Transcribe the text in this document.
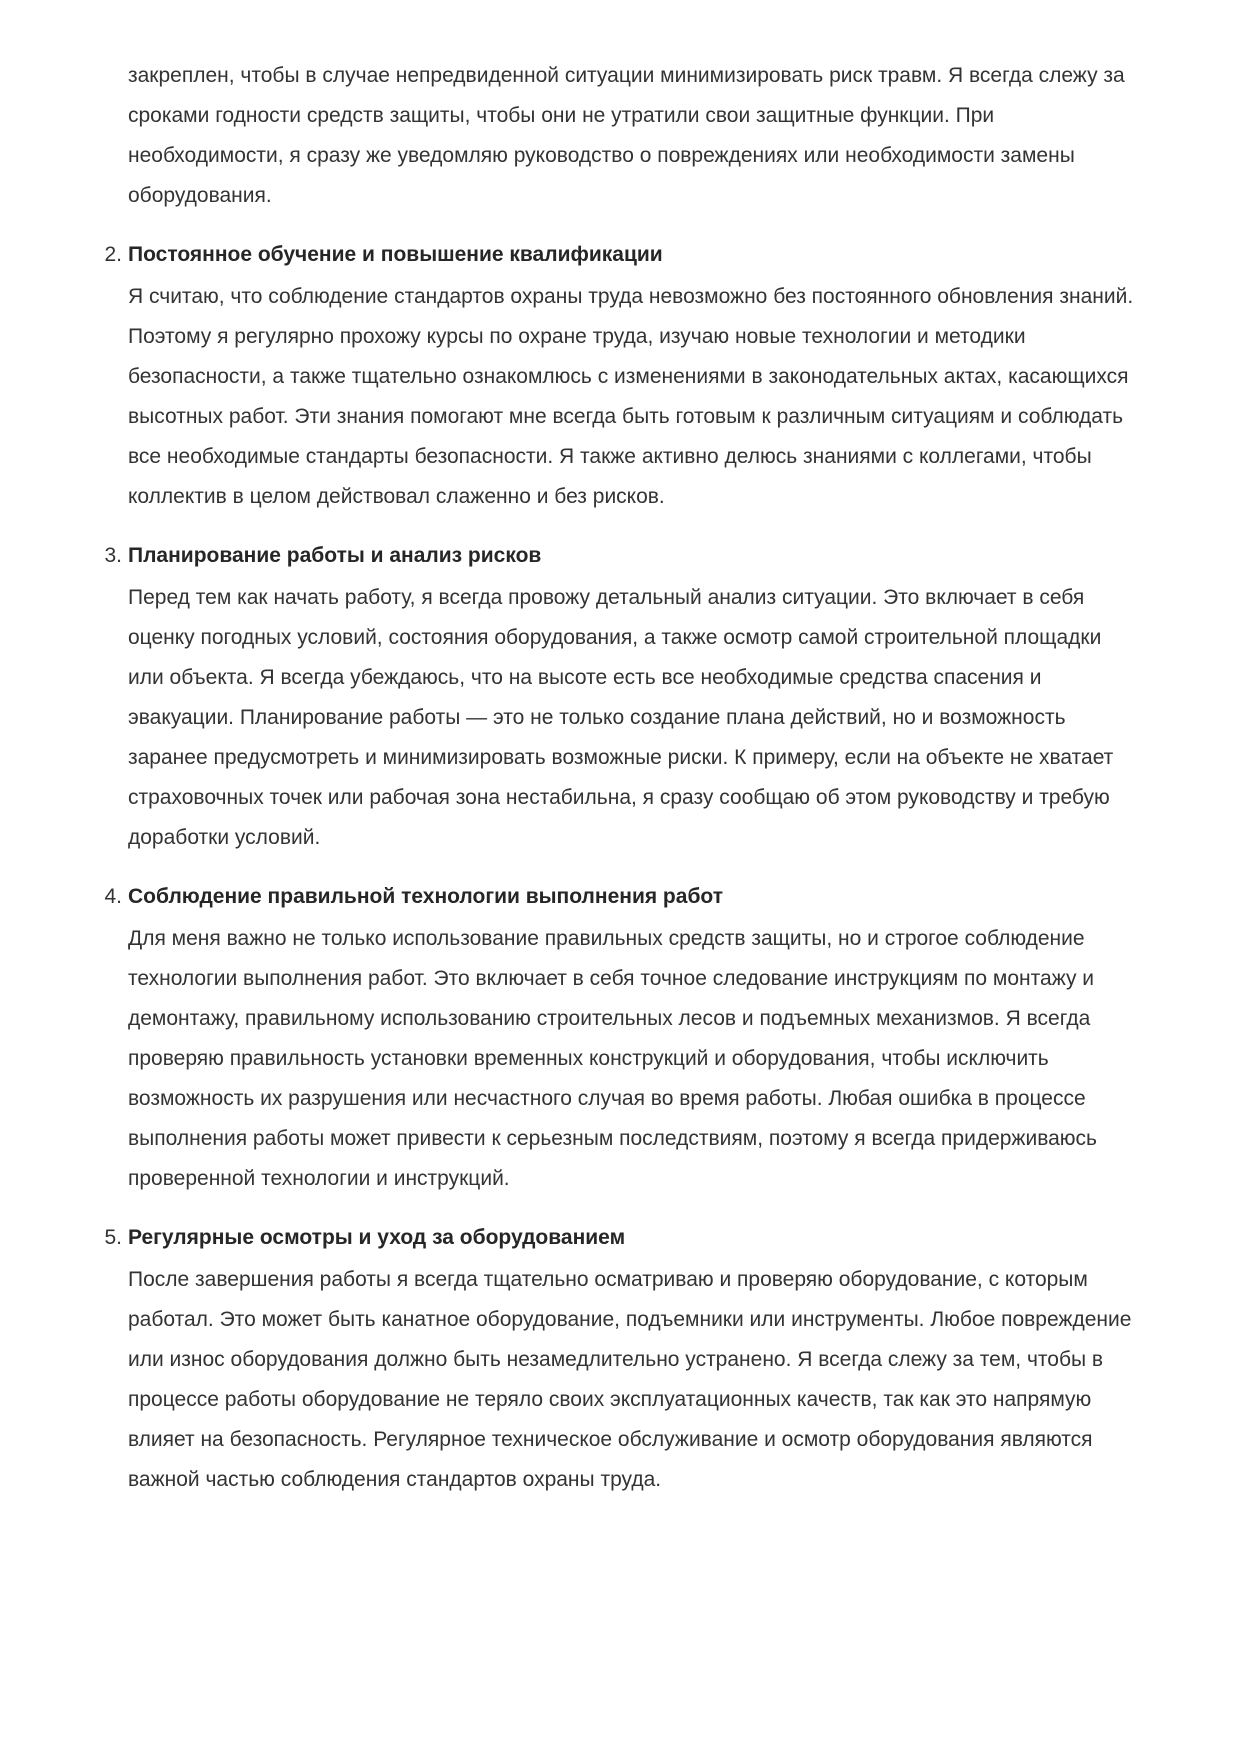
закреплен, чтобы в случае непредвиденной ситуации минимизировать риск травм. Я всегда слежу за сроками годности средств защиты, чтобы они не утратили свои защитные функции. При необходимости, я сразу же уведомляю руководство о повреждениях или необходимости замены оборудования.

2. Постоянное обучение и повышение квалификации

Я считаю, что соблюдение стандартов охраны труда невозможно без постоянного обновления знаний. Поэтому я регулярно прохожу курсы по охране труда, изучаю новые технологии и методики безопасности, а также тщательно ознакомлюсь с изменениями в законодательных актах, касающихся высотных работ. Эти знания помогают мне всегда быть готовым к различным ситуациям и соблюдать все необходимые стандарты безопасности. Я также активно делюсь знаниями с коллегами, чтобы коллектив в целом действовал слаженно и без рисков.

3. Планирование работы и анализ рисков

Перед тем как начать работу, я всегда провожу детальный анализ ситуации. Это включает в себя оценку погодных условий, состояния оборудования, а также осмотр самой строительной площадки или объекта. Я всегда убеждаюсь, что на высоте есть все необходимые средства спасения и эвакуации. Планирование работы — это не только создание плана действий, но и возможность заранее предусмотреть и минимизировать возможные риски. К примеру, если на объекте не хватает страховочных точек или рабочая зона нестабильна, я сразу сообщаю об этом руководству и требую доработки условий.

4. Соблюдение правильной технологии выполнения работ

Для меня важно не только использование правильных средств защиты, но и строгое соблюдение технологии выполнения работ. Это включает в себя точное следование инструкциям по монтажу и демонтажу, правильному использованию строительных лесов и подъемных механизмов. Я всегда проверяю правильность установки временных конструкций и оборудования, чтобы исключить возможность их разрушения или несчастного случая во время работы. Любая ошибка в процессе выполнения работы может привести к серьезным последствиям, поэтому я всегда придерживаюсь проверенной технологии и инструкций.

5. Регулярные осмотры и уход за оборудованием

После завершения работы я всегда тщательно осматриваю и проверяю оборудование, с которым работал. Это может быть канатное оборудование, подъемники или инструменты. Любое повреждение или износ оборудования должно быть незамедлительно устранено. Я всегда слежу за тем, чтобы в процессе работы оборудование не теряло своих эксплуатационных качеств, так как это напрямую влияет на безопасность. Регулярное техническое обслуживание и осмотр оборудования являются важной частью соблюдения стандартов охраны труда.
